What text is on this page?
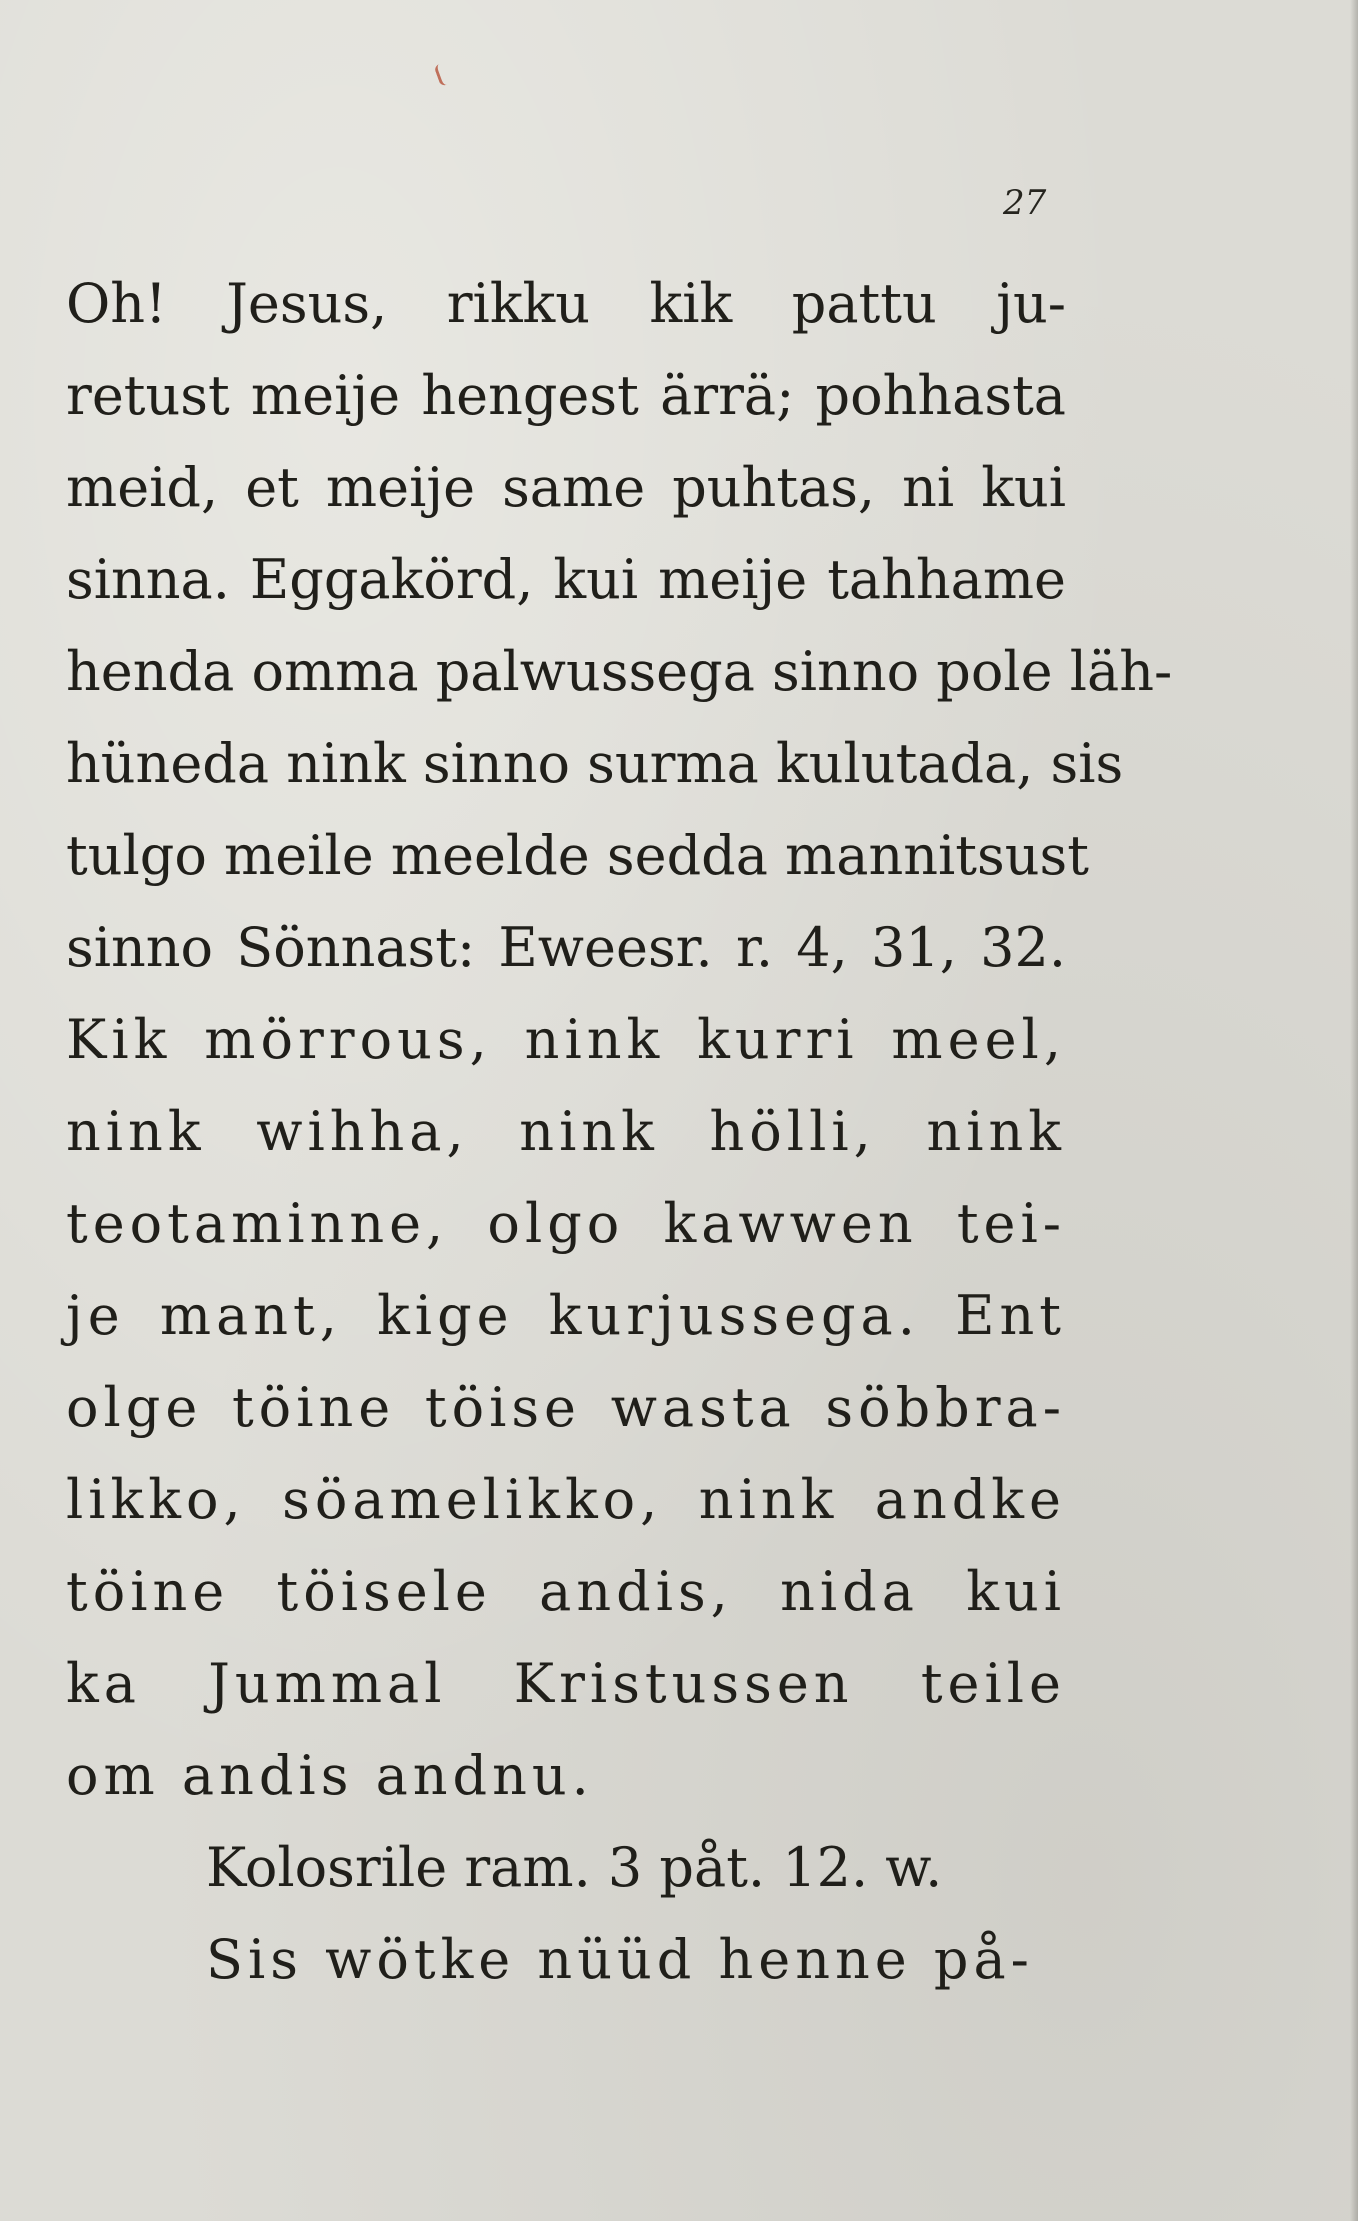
27
Oh! Jesus, rikku kik pattu ju-
retust meije hengest ärrä; pohhasta
meid, et meije same puhtas, ni kui
sinna. Eggakörd, kui meije tahhame
henda omma palwussega sinno pole läh-
hüneda nink sinno surma kulutada, sis
tulgo meile meelde sedda mannitsust
sinno Sönnast: Eweesr. r. 4, 31, 32.
Kik mörrous, nink kurri meel,
nink wihha, nink hölli, nink
teotaminne, olgo kawwen tei-
je mant, kige kurjussega. Ent
olge töine töise wasta söbbra-
likko, söamelikko, nink andke
töine töisele andis, nida kui
ka Jummal Kristussen teile
om andis andnu.
Kolosrile ram. 3 påt. 12. w.
Sis wötke nüüd henne på-
